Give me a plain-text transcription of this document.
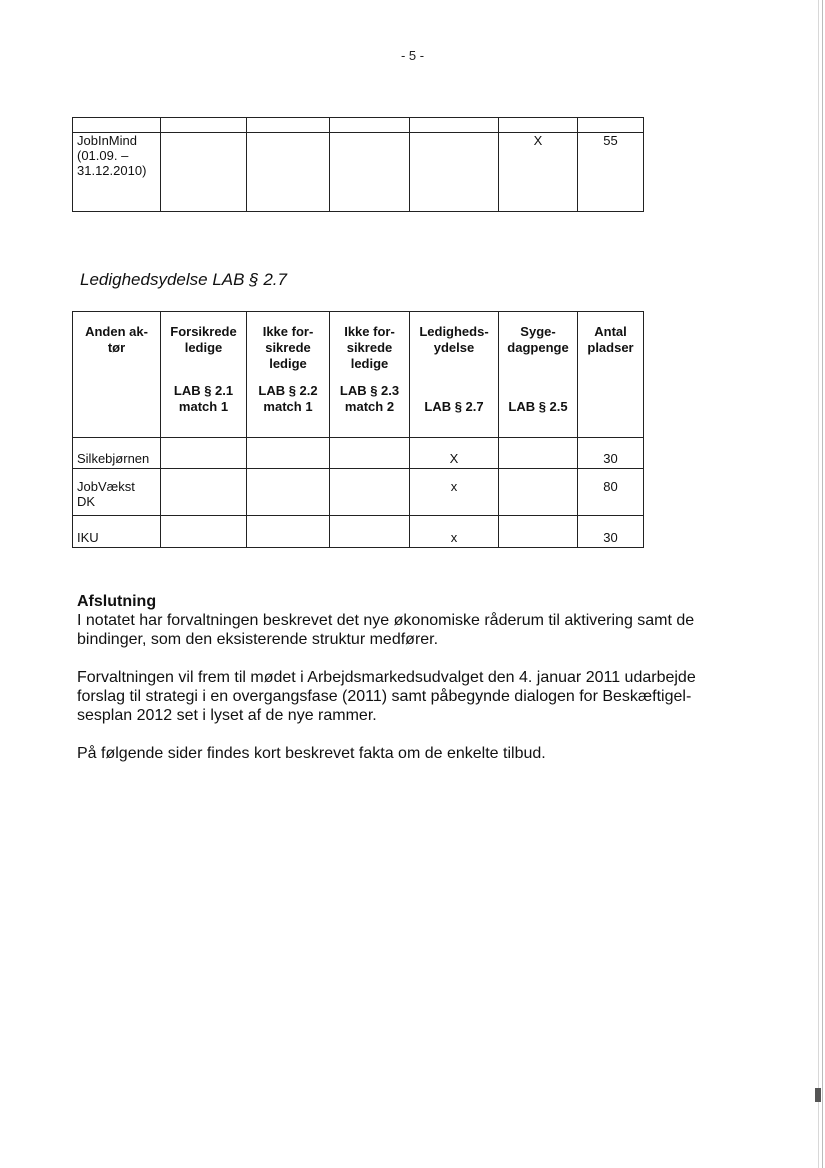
- 5 -

JobInMind
(01.09. –
31.12.2010)					X	55
Ledighedsydelse LAB § 2.7
Anden ak-
tør	Forsikrede
ledige
LAB § 2.1
match 1	Ikke for-
sikrede
ledige
LAB § 2.2
match 1	Ikke for-
sikrede
ledige
LAB § 2.3
match 2	Ledigheds-
ydelse
LAB § 2.7	Syge-
dagpenge
LAB § 2.5	Antal
pladser

Silkebjørnen				X		30
JobVækst
DK				x		80
IKU				x		30
Afslutning

I notatet har forvaltningen beskrevet det nye økonomiske råderum til aktivering samt de bindinger, som den eksisterende struktur medfører.

Forvaltningen vil frem til mødet i Arbejdsmarkedsudvalget den 4. januar 2011 udarbejde forslag til strategi i en overgangsfase (2011) samt påbegynde dialogen for Beskæftigel-sesplan 2012 set i lyset af de nye rammer.

På følgende sider findes kort beskrevet fakta om de enkelte tilbud.
